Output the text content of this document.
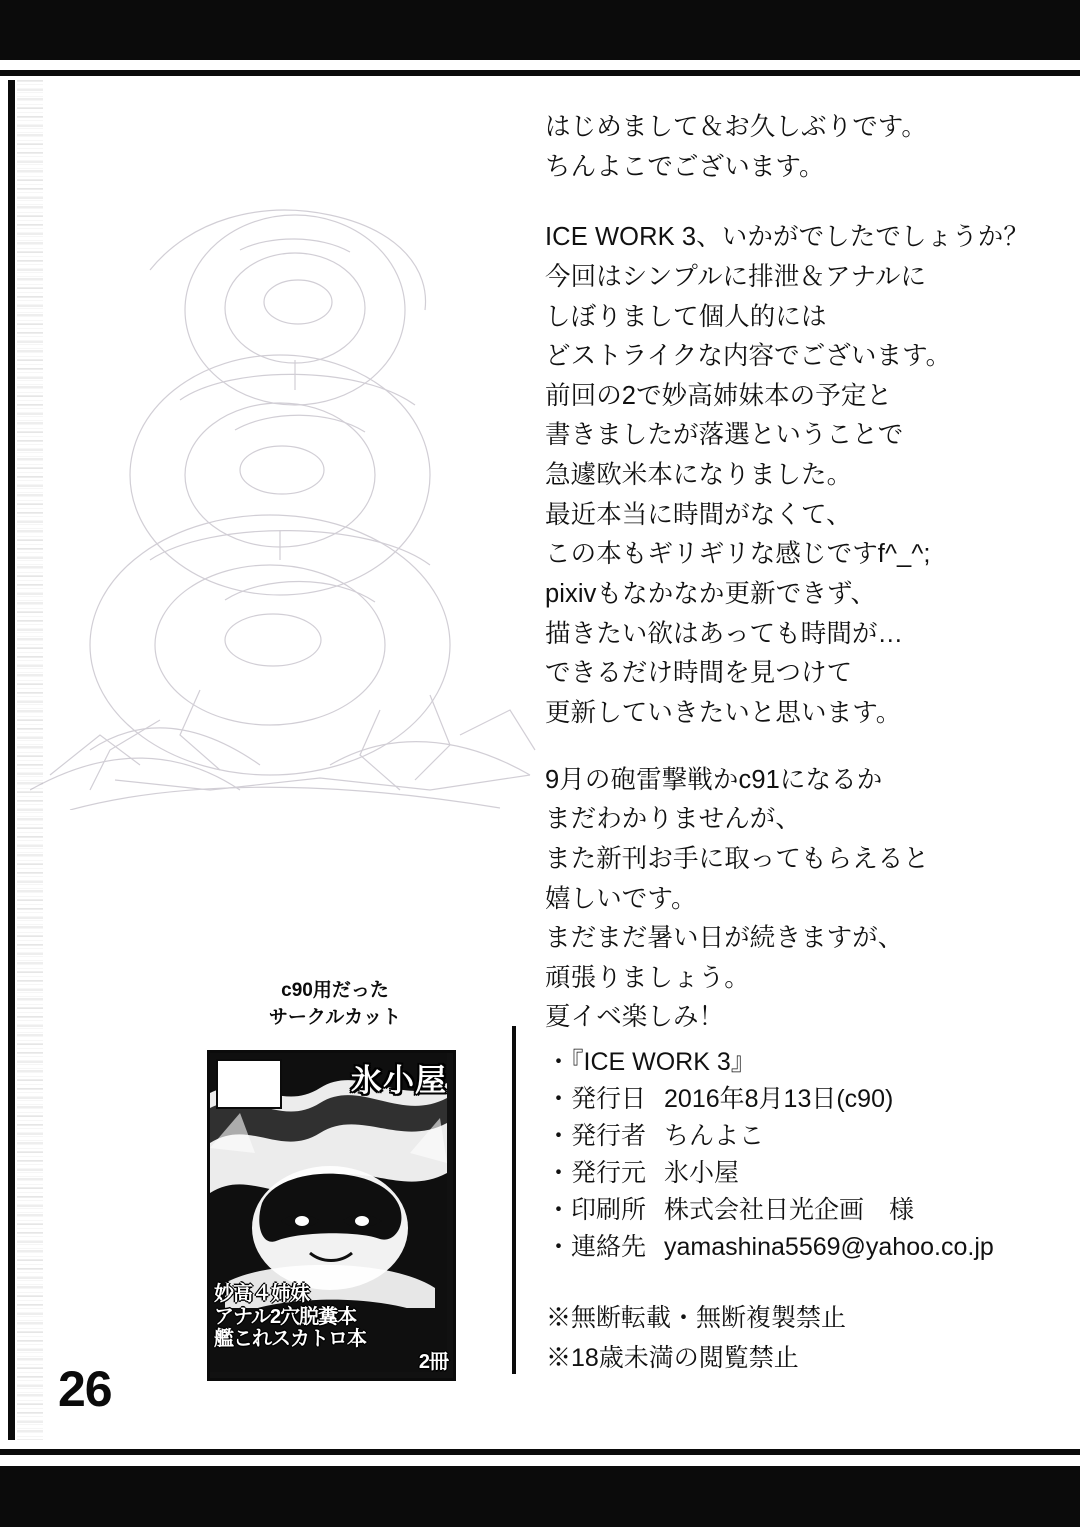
はじめまして＆お久しぶりです。

ちんよこでございます。

ICE WORK 3、いかがでしたでしょうか？

今回はシンプルに排泄＆アナルに

しぼりまして個人的には

どストライクな内容でございます。

前回の2で妙高姉妹本の予定と

書きましたが落選ということで

急遽欧米本になりました。

最近本当に時間がなくて、

この本もギリギリな感じですf^_^;

pixivもなかなか更新できず、

描きたい欲はあっても時間が…

できるだけ時間を見つけて

更新していきたいと思います。

9月の砲雷撃戦かc91になるか

まだわかりませんが、

また新刊お手に取ってもらえると

嬉しいです。

まだまだ暑い日が続きますが、

頑張りましょう。

夏イベ楽しみ！

c90用だった
サークルカット
氷小屋
妙高４姉妹
アナル2穴脱糞本
艦これスカトロ本
2冊
・『ICE WORK 3』
・発行日 2016年8月13日(c90)
・発行者 ちんよこ
・発行元 氷小屋
・印刷所 株式会社日光企画　様
・連絡先 yamashina5569@yahoo.co.jp
※無断転載・無断複製禁止
※18歳未満の閲覧禁止
26
